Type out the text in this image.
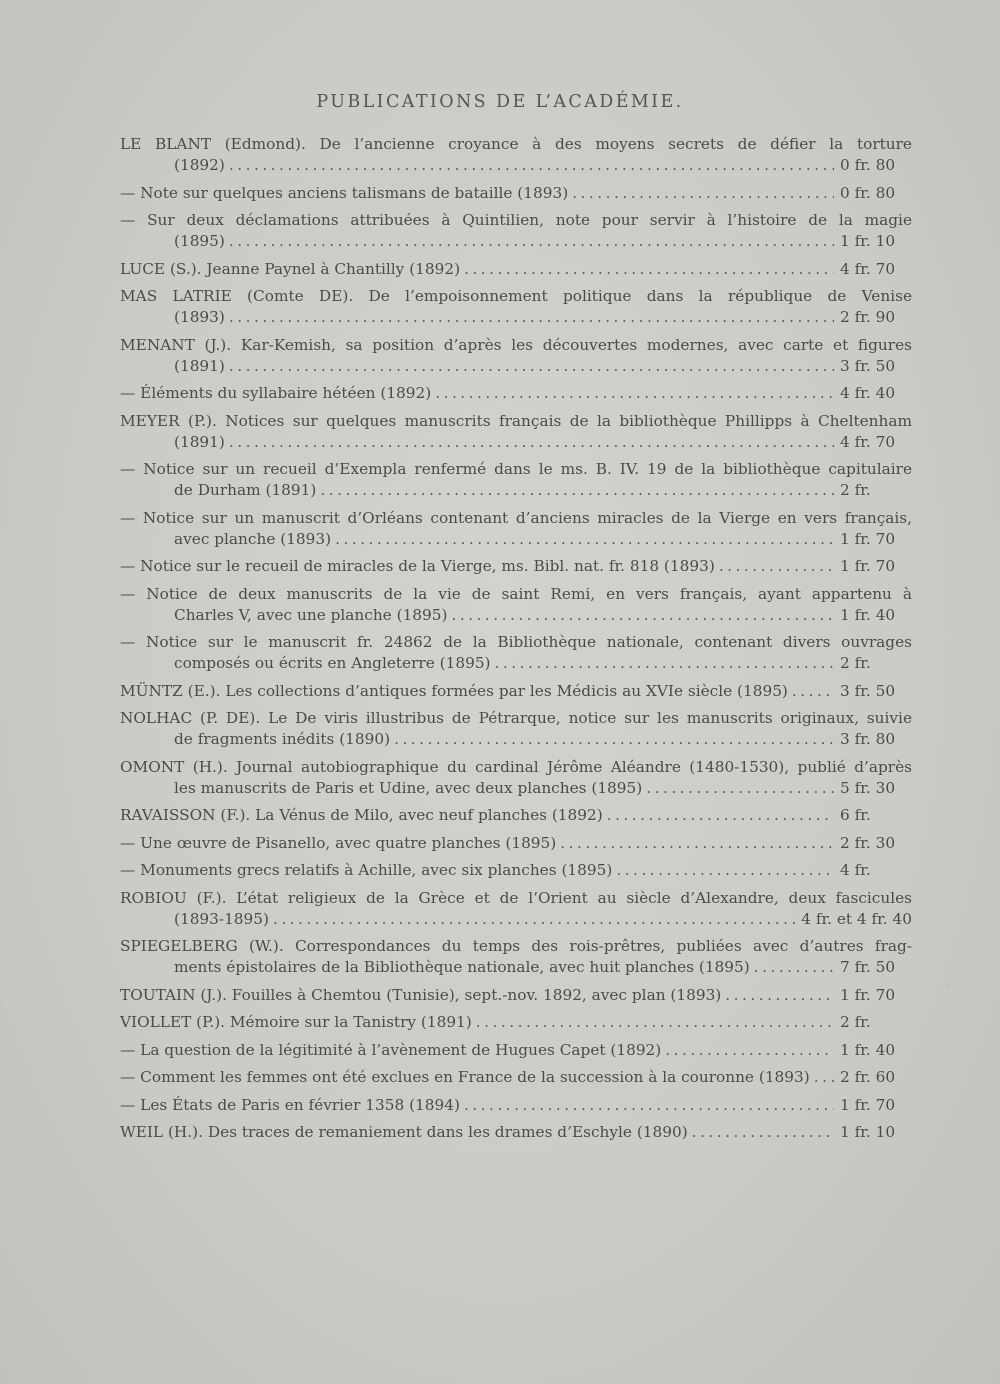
PUBLICATIONS DE L’ACADÉMIE.
LE BLANT (Edmond). De l’ancienne croyance à des moyens secrets de défier la torture
(1892) .....	0 fr. 80
— Note sur quelques anciens talismans de bataille (1893) .....	0 fr. 80
— Sur deux déclamations attribuées à Quintilien, note pour servir à l’histoire de la magie
(1895) .....	1 fr. 10
LUCE (S.). Jeanne Paynel à Chantilly (1892) .....	4 fr. 70
MAS LATRIE (Comte DE). De l’empoisonnement politique dans la république de Venise
(1893) .....	2 fr. 90
MENANT (J.). Kar-Kemish, sa position d’après les découvertes modernes, avec carte et figures
(1891) .....	3 fr. 50
— Éléments du syllabaire hétéen (1892) .....	4 fr. 40
MEYER (P.). Notices sur quelques manuscrits français de la bibliothèque Phillipps à Cheltenham
(1891) .....	4 fr. 70
— Notice sur un recueil d’Exempla renfermé dans le ms. B. IV. 19 de la bibliothèque capitulaire
de Durham (1891) .....	2 fr.
— Notice sur un manuscrit d’Orléans contenant d’anciens miracles de la Vierge en vers français,
avec planche (1893) .....	1 fr. 70
— Notice sur le recueil de miracles de la Vierge, ms. Bibl. nat. fr. 818 (1893) .....	1 fr. 70
— Notice de deux manuscrits de la vie de saint Remi, en vers français, ayant appartenu à
Charles V, avec une planche (1895) .....	1 fr. 40
— Notice sur le manuscrit fr. 24862 de la Bibliothèque nationale, contenant divers ouvrages
composés ou écrits en Angleterre (1895) .....	2 fr.
MÜNTZ (E.). Les collections d’antiques formées par les Médicis au XVIe siècle (1895) .....	3 fr. 50
NOLHAC (P. DE). Le De viris illustribus de Pétrarque, notice sur les manuscrits originaux, suivie
de fragments inédits (1890) .....	3 fr. 80
OMONT (H.). Journal autobiographique du cardinal Jérôme Aléandre (1480-1530), publié d’après
les manuscrits de Paris et Udine, avec deux planches (1895) .....	5 fr. 30
RAVAISSON (F.). La Vénus de Milo, avec neuf planches (1892) .....	6 fr.
— Une œuvre de Pisanello, avec quatre planches (1895) .....	2 fr. 30
— Monuments grecs relatifs à Achille, avec six planches (1895) .....	4 fr.
ROBIOU (F.). L’état religieux de la Grèce et de l’Orient au siècle d’Alexandre, deux fascicules
(1893-1895) .....	4 fr. et 4 fr. 40
SPIEGELBERG (W.). Correspondances du temps des rois-prêtres, publiées avec d’autres frag-
ments épistolaires de la Bibliothèque nationale, avec huit planches (1895) .....	7 fr. 50
TOUTAIN (J.). Fouilles à Chemtou (Tunisie), sept.-nov. 1892, avec plan (1893) .....	1 fr. 70
VIOLLET (P.). Mémoire sur la Tanistry (1891) .....	2 fr.
— La question de la légitimité à l’avènement de Hugues Capet (1892) .....	1 fr. 40
— Comment les femmes ont été exclues en France de la succession à la couronne (1893) ..... 2 fr. 60
— Les États de Paris en février 1358 (1894) .....	1 fr. 70
WEIL (H.). Des traces de remaniement dans les drames d’Eschyle (1890) .....	1 fr. 10
